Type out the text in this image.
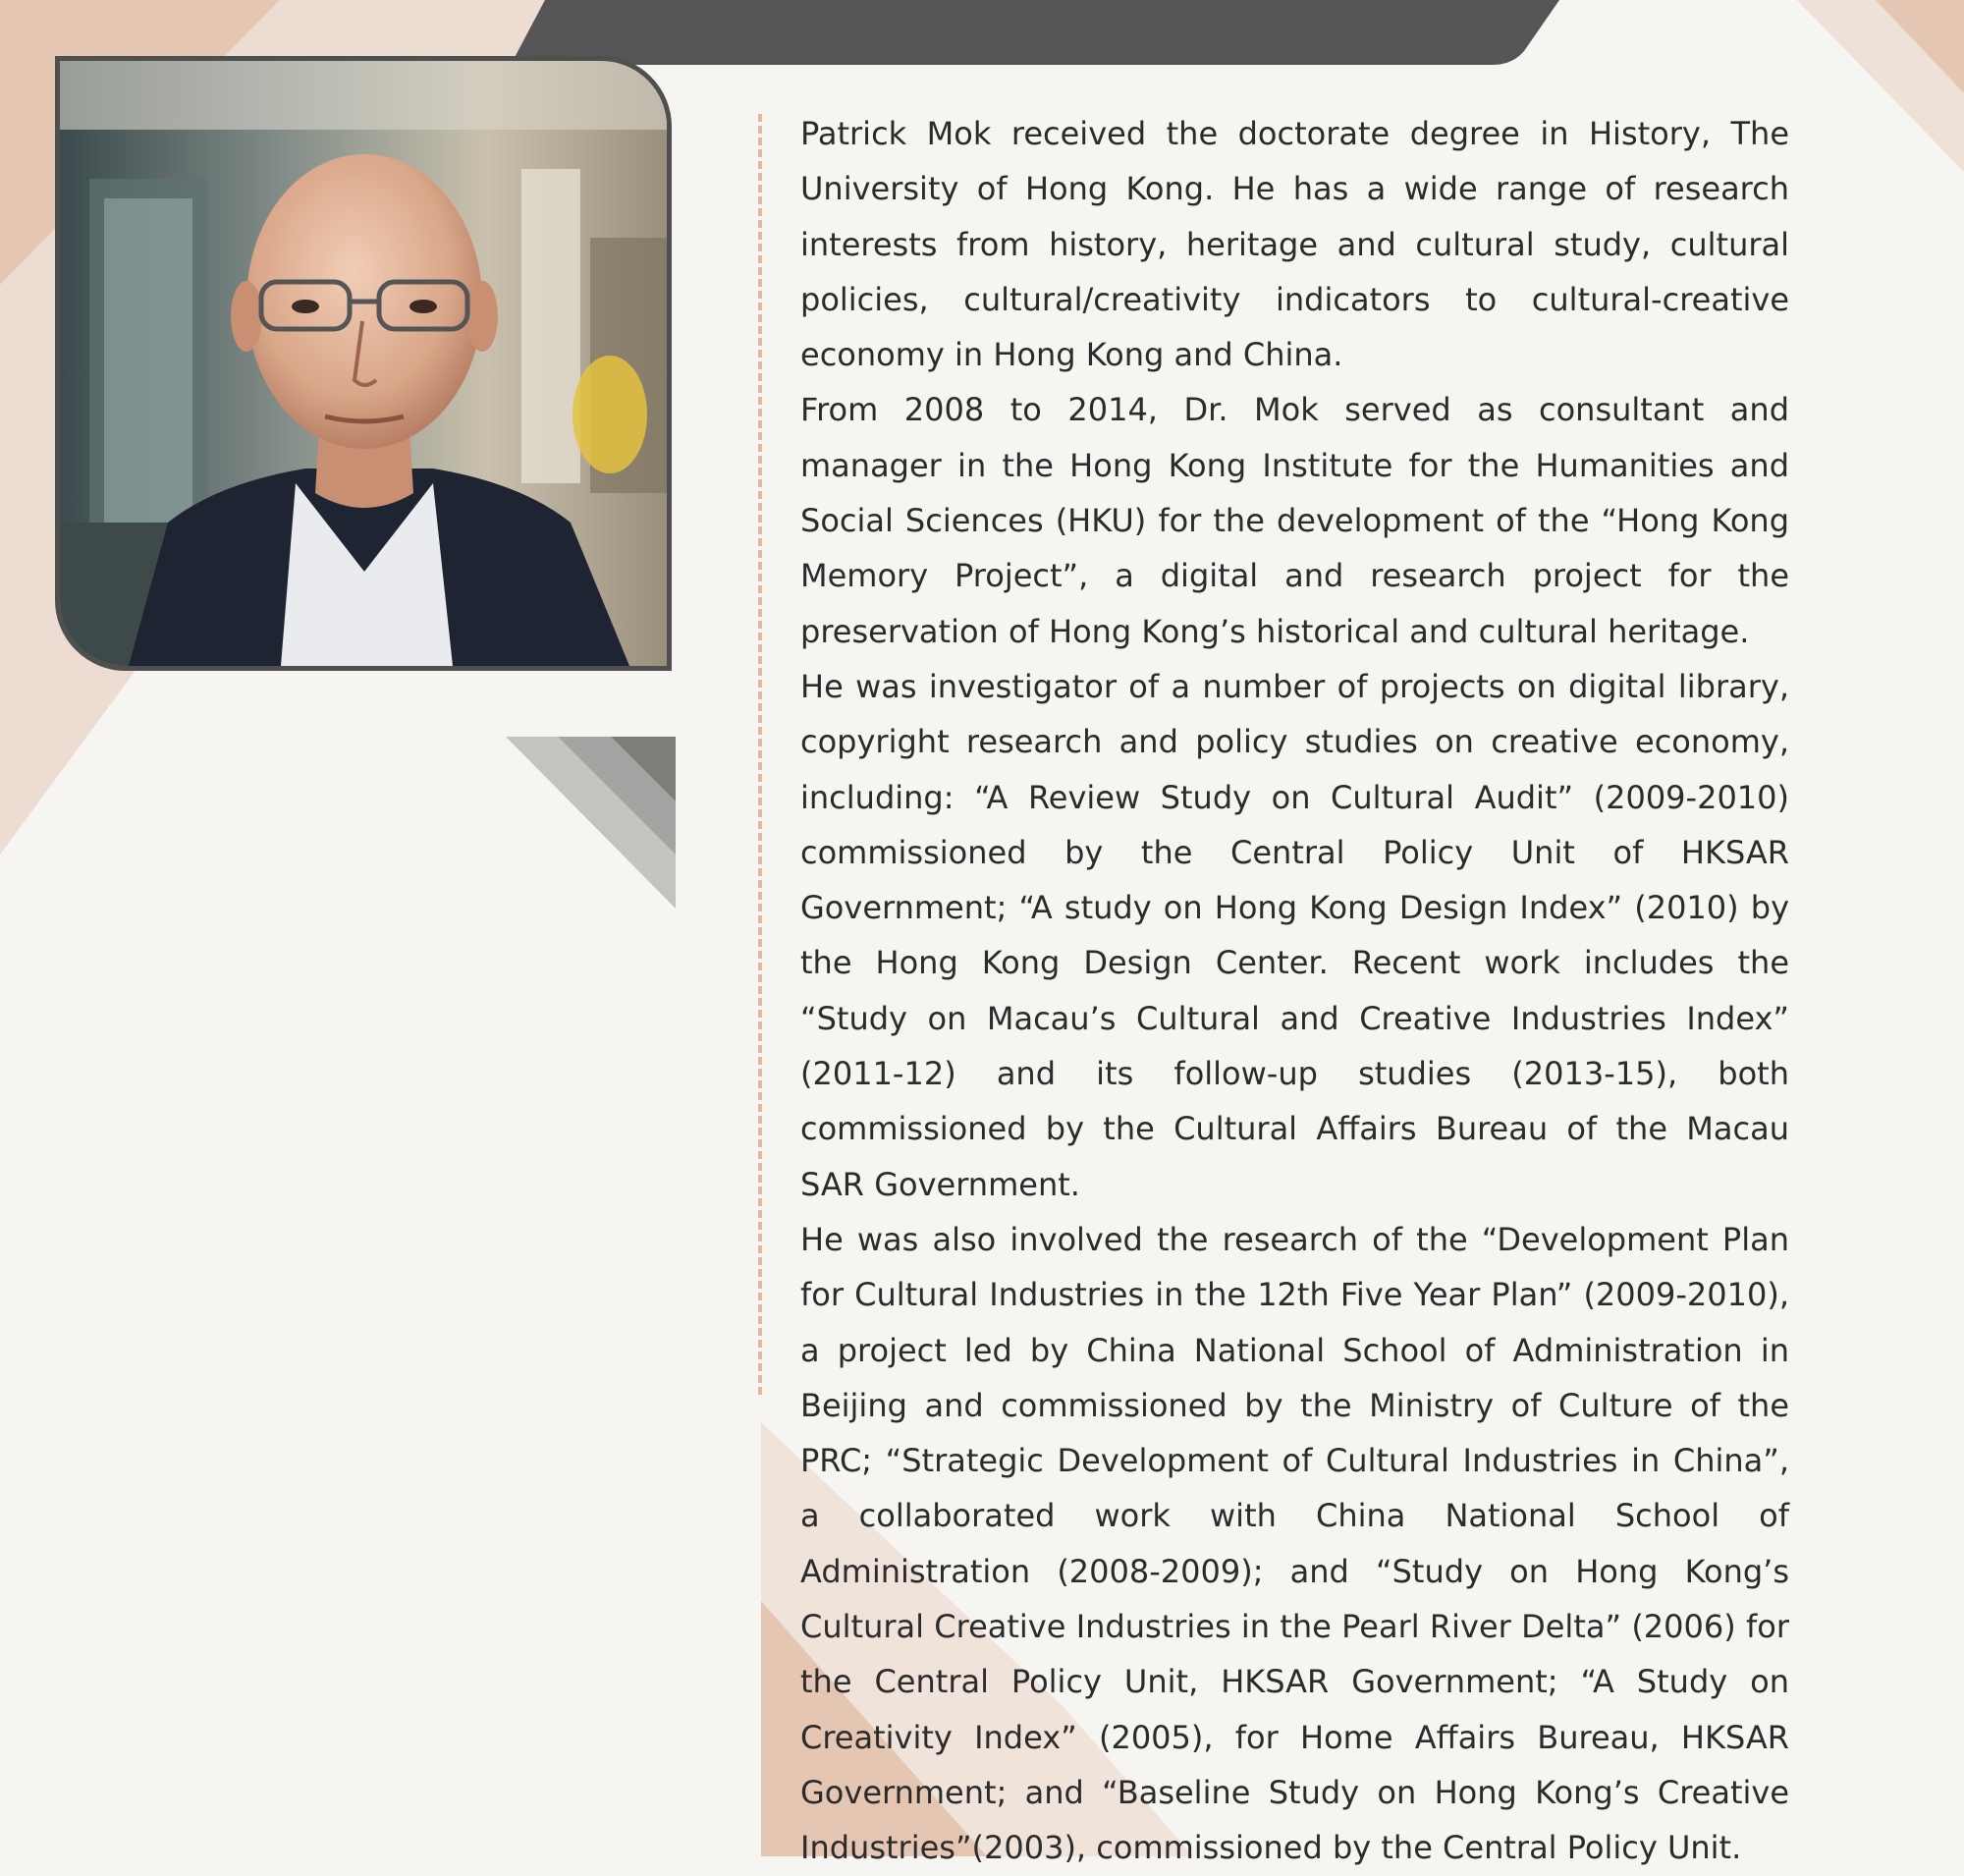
Patrick Mok received the doctorate degree in History, The University of Hong Kong. He has a wide range of research interests from history, heritage and cultural study, cultural policies, cultural/creativity indicators to cultural-creative economy in Hong Kong and China.

From 2008 to 2014, Dr. Mok served as consultant and manager in the Hong Kong Institute for the Humanities and Social Sciences (HKU) for the development of the “Hong Kong Memory Project”, a digital and research project for the preservation of Hong Kong’s historical and cultural heritage.

He was investigator of a number of projects on digital library, copyright research and policy studies on creative economy, including: “A Review Study on Cultural Audit” (2009-2010) commissioned by the Central Policy Unit of HKSAR Government; “A study on Hong Kong Design Index” (2010) by the Hong Kong Design Center. Recent work includes the “Study on Macau’s Cultural and Creative Industries Index” (2011-12) and its follow-up studies (2013-15), both commissioned by the Cultural Affairs Bureau of the Macau SAR Government.

He was also involved the research of the “Development Plan for Cultural Industries in the 12th Five Year Plan” (2009-2010), a project led by China National School of Administration in Beijing and commissioned by the Ministry of Culture of the PRC; “Strategic Development of Cultural Industries in China”, a collaborated work with China National School of Administration (2008-2009); and “Study on Hong Kong’s Cultural Creative Industries in the Pearl River Delta” (2006) for the Central Policy Unit, HKSAR Government; “A Study on Creativity Index” (2005), for Home Affairs Bureau, HKSAR Government; and “Baseline Study on Hong Kong’s Creative Industries”(2003), commissioned by the Central Policy Unit.
